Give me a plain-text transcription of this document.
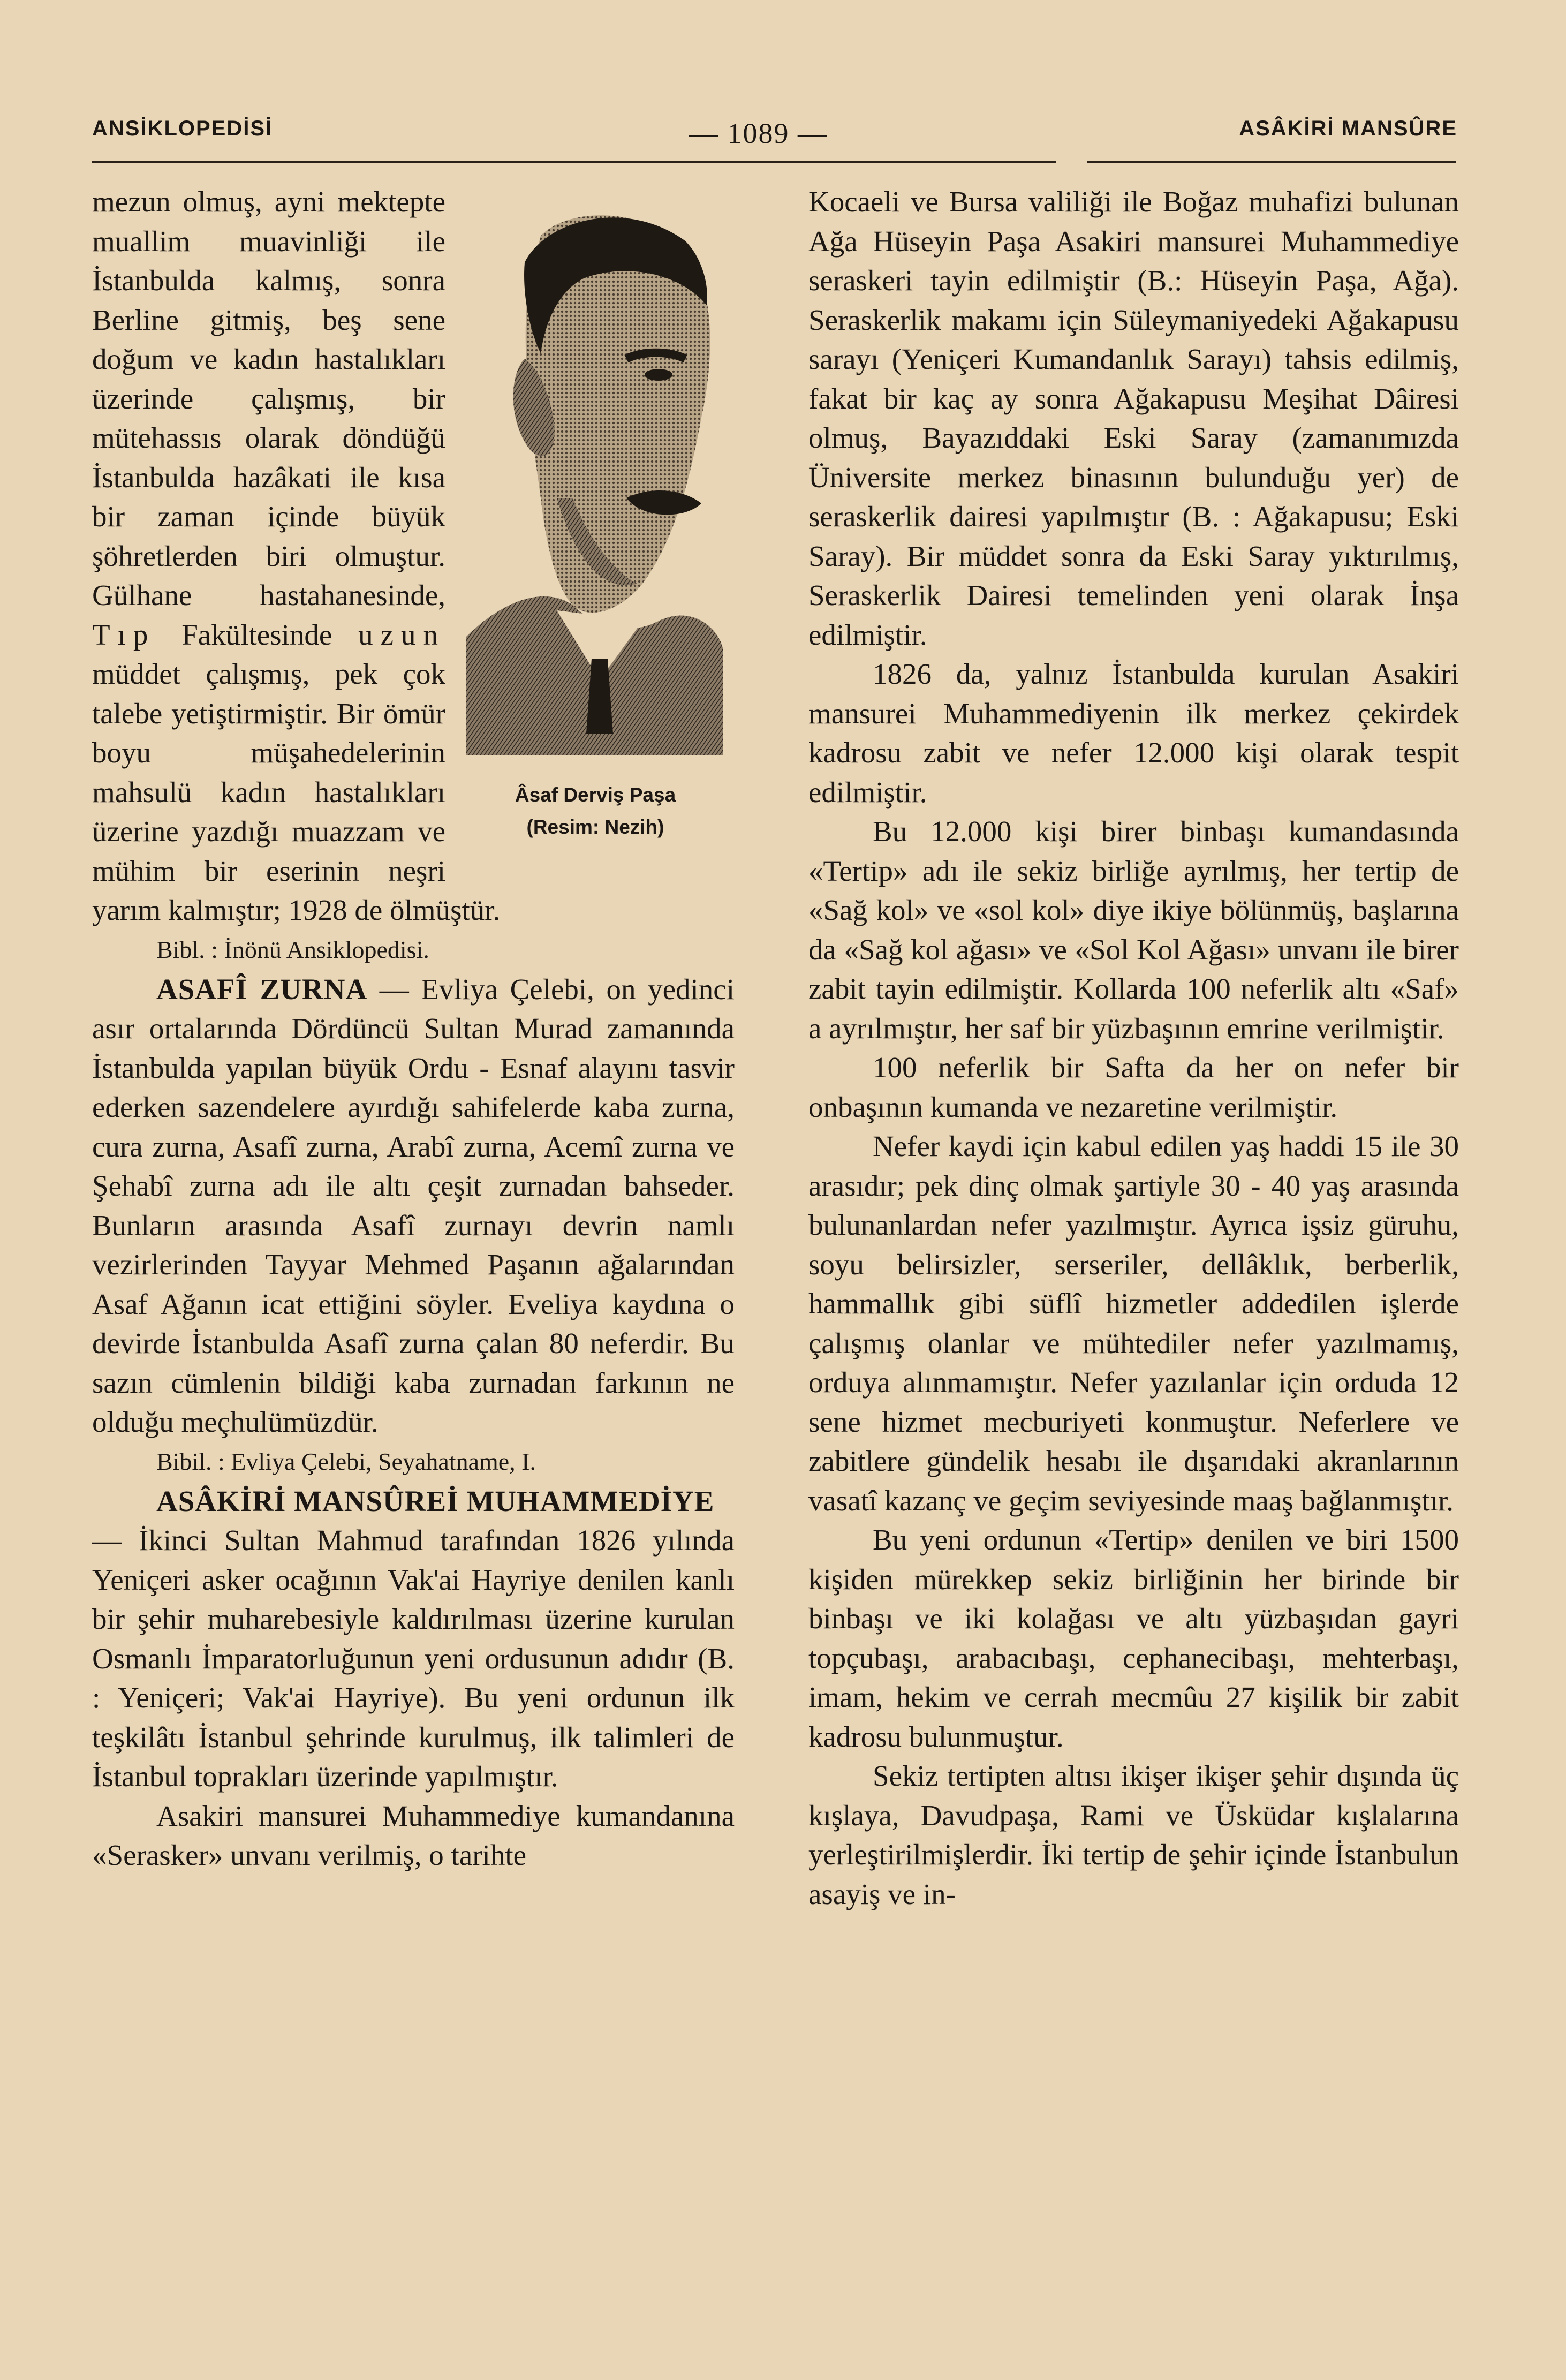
ANSİKLOPEDİSİ	— 1089 —	ASÂKİRİ MANSÛRE
Âsaf Derviş Paşa
(Resim: Nezih)

mezun olmuş, ayni mektepte muallim muavinliği ile İstanbulda kalmış, sonra Berline gitmiş, beş sene doğum ve kadın hastalıkları üzerinde çalışmış, bir mütehassıs olarak döndüğü İstanbulda hazâkati ile kısa bir zaman içinde büyük şöhretlerden biri olmuştur. Gülhane hastahanesinde, Tıp Fakültesinde uzun müddet çalışmış, pek çok talebe yetiştirmiştir. Bir ömür boyu müşahedelerinin mahsulü kadın hastalıkları üzerine yazdığı muazzam ve mühim bir eserinin neşri yarım kalmıştır; 1928 de ölmüştür.

Bibl. : İnönü Ansiklopedisi.

ASAFÎ ZURNA — Evliya Çelebi, on yedinci asır ortalarında Dördüncü Sultan Murad zamanında İstanbulda yapılan büyük Ordu - Esnaf alayını tasvir ederken sazendelere ayırdığı sahifelerde kaba zurna, cura zurna, Asafî zurna, Arabî zurna, Acemî zurna ve Şehabî zurna adı ile altı çeşit zurnadan bahseder. Bunların arasında Asafî zurnayı devrin namlı vezirlerinden Tayyar Mehmed Paşanın ağalarından Asaf Ağanın icat ettiğini söyler. Eveliya kaydına o devirde İstanbulda Asafî zurna çalan 80 neferdir. Bu sazın cümlenin bildiği kaba zurnadan farkının ne olduğu meçhulümüzdür.

Bibil. : Evliya Çelebi, Seyahatname, I.

ASÂKİRİ MANSÛREİ MUHAMMEDİYE

— İkinci Sultan Mahmud tarafından 1826 yılında Yeniçeri asker ocağının Vak'ai Hayriye denilen kanlı bir şehir muharebesiyle kaldırılması üzerine kurulan Osmanlı İmparatorluğunun yeni ordusunun adıdır (B. : Yeniçeri; Vak'ai Hayriye). Bu yeni ordunun ilk teşkilâtı İstanbul şehrinde kurulmuş, ilk talimleri de İstanbul toprakları üzerinde yapılmıştır.

Asakiri mansurei Muhammediye kumandanına «Serasker» unvanı verilmiş, o tarihte

Kocaeli ve Bursa valiliği ile Boğaz muhafizi bulunan Ağa Hüseyin Paşa Asakiri mansurei Muhammediye seraskeri tayin edilmiştir (B.: Hüseyin Paşa, Ağa). Seraskerlik makamı için Süleymaniyedeki Ağakapusu sarayı (Yeniçeri Kumandanlık Sarayı) tahsis edilmiş, fakat bir kaç ay sonra Ağakapusu Meşihat Dâiresi olmuş, Bayazıddaki Eski Saray (zamanımızda Üniversite merkez binasının bulunduğu yer) de seraskerlik dairesi yapılmıştır (B. : Ağakapusu; Eski Saray). Bir müddet sonra da Eski Saray yıktırılmış, Seraskerlik Dairesi temelinden yeni olarak İnşa edilmiştir.

1826 da, yalnız İstanbulda kurulan Asakiri mansurei Muhammediyenin ilk merkez çekirdek kadrosu zabit ve nefer 12.000 kişi olarak tespit edilmiştir.

Bu 12.000 kişi birer binbaşı kumandasında «Tertip» adı ile sekiz birliğe ayrılmış, her tertip de «Sağ kol» ve «sol kol» diye ikiye bölünmüş, başlarına da «Sağ kol ağası» ve «Sol Kol Ağası» unvanı ile birer zabit tayin edilmiştir. Kollarda 100 neferlik altı «Saf» a ayrılmıştır, her saf bir yüzbaşının emrine verilmiştir.

100 neferlik bir Safta da her on nefer bir onbaşının kumanda ve nezaretine verilmiştir.

Nefer kaydi için kabul edilen yaş haddi 15 ile 30 arasıdır; pek dinç olmak şartiyle 30 - 40 yaş arasında bulunanlardan nefer yazılmıştır. Ayrıca işsiz güruhu, soyu belirsizler, serseriler, dellâklık, berberlik, hammallık gibi süflî hizmetler addedilen işlerde çalışmış olanlar ve mühtediler nefer yazılmamış, orduya alınmamıştır. Nefer yazılanlar için orduda 12 sene hizmet mecburiyeti konmuştur. Neferlere ve zabitlere gündelik hesabı ile dışarıdaki akranlarının vasatî kazanç ve geçim seviyesinde maaş bağlanmıştır.

Bu yeni ordunun «Tertip» denilen ve biri 1500 kişiden mürekkep sekiz birliğinin her birinde bir binbaşı ve iki kolağası ve altı yüzbaşıdan gayri topçubaşı, arabacıbaşı, cephanecibaşı, mehterbaşı, imam, hekim ve cerrah mecmûu 27 kişilik bir zabit kadrosu bulunmuştur.

Sekiz tertipten altısı ikişer ikişer şehir dışında üç kışlaya, Davudpaşa, Rami ve Üsküdar kışlalarına yerleştirilmişlerdir. İki tertip de şehir içinde İstanbulun asayiş ve in-
